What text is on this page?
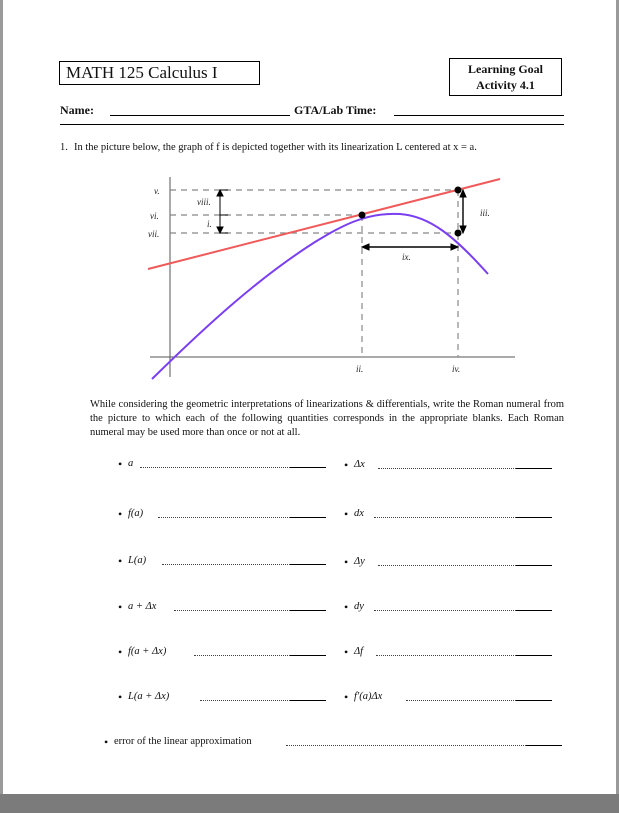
MATH 125 Calculus I	Learning Goal
Activity 4.1
Name:	GTA/Lab Time:
1. In the picture below, the graph of f is depicted together with its linearization L centered at x = a.
v.
vi.
vii.
viii.
i.
iii.
ix.
ii.	iv.
While considering the geometric interpretations of linearizations & differentials, write the Roman numeral from the picture to which each of the following quantities corresponds in the appropriate blanks. Each Roman numeral may be used more than once or not at all.
• a
• f(a)
• L(a)
• a + Δx
• f(a + Δx)
• L(a + Δx)
• Δx
• dx
• Δy
• dy
• Δf
• f′(a)Δx
• error of the linear approximation
